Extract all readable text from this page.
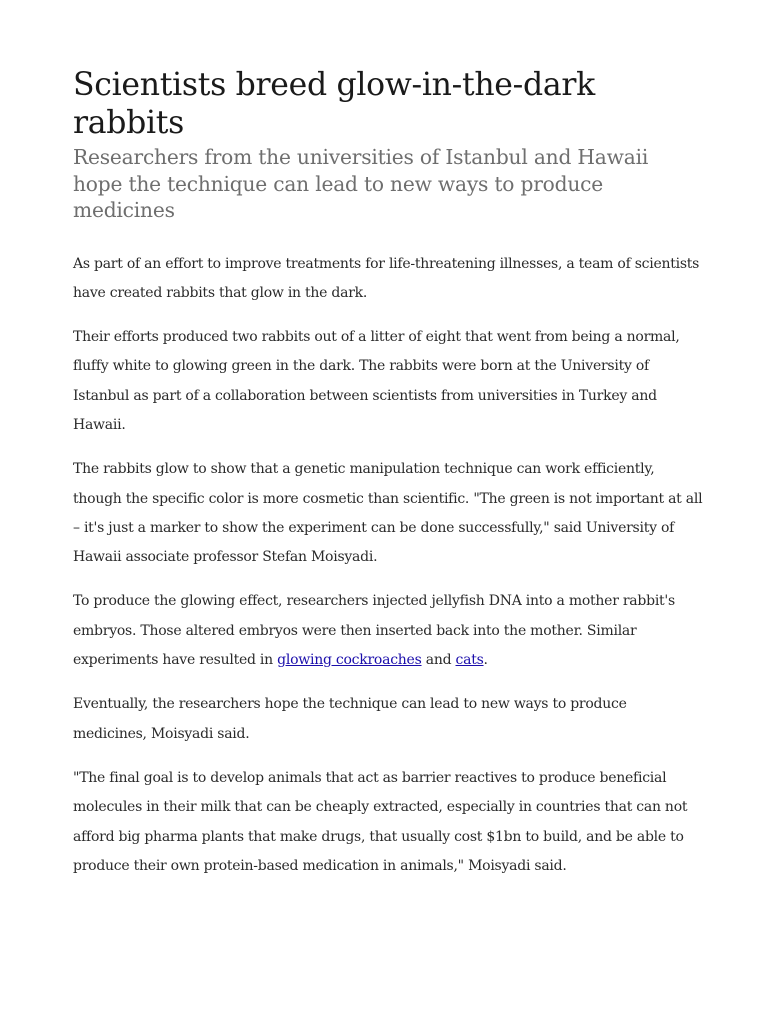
Scientists breed glow-in-the-dark rabbits
Researchers from the universities of Istanbul and Hawaii hope the technique can lead to new ways to produce medicines

As part of an effort to improve treatments for life-threatening illnesses, a team of scientists have created rabbits that glow in the dark.

Their efforts produced two rabbits out of a litter of eight that went from being a normal, fluffy white to glowing green in the dark. The rabbits were born at the University of Istanbul as part of a collaboration between scientists from universities in Turkey and Hawaii.

The rabbits glow to show that a genetic manipulation technique can work efficiently, though the specific color is more cosmetic than scientific. "The green is not important at all – it's just a marker to show the experiment can be done successfully," said University of Hawaii associate professor Stefan Moisyadi.

To produce the glowing effect, researchers injected jellyfish DNA into a mother rabbit's embryos. Those altered embryos were then inserted back into the mother. Similar experiments have resulted in glowing cockroaches and cats.

Eventually, the researchers hope the technique can lead to new ways to produce medicines, Moisyadi said.

"The final goal is to develop animals that act as barrier reactives to produce beneficial molecules in their milk that can be cheaply extracted, especially in countries that can not afford big pharma plants that make drugs, that usually cost $1bn to build, and be able to produce their own protein-based medication in animals," Moisyadi said.
